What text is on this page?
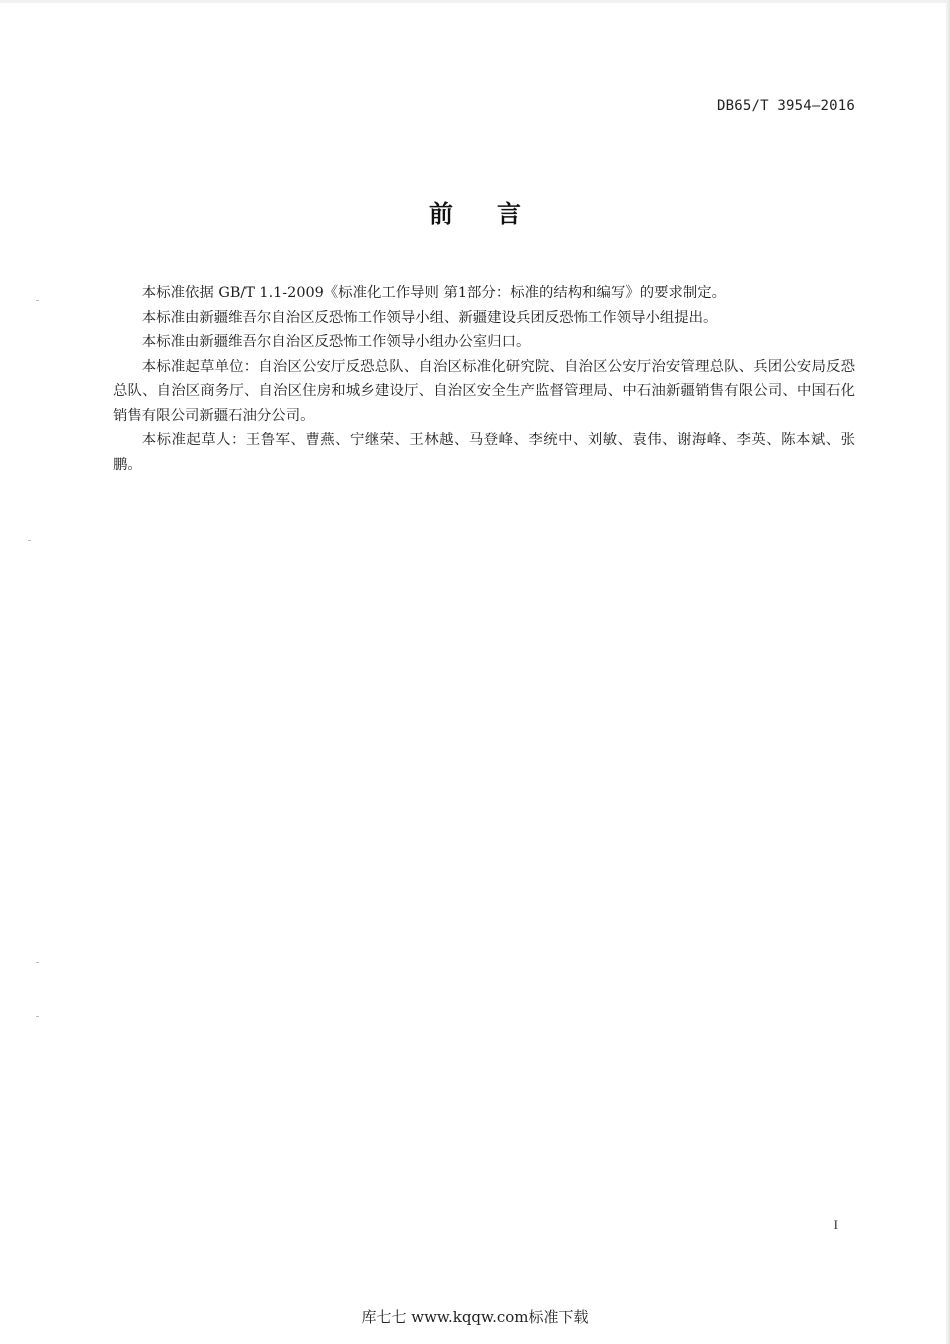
DB65/T 3954—2016
前言

本标准依据 GB/T 1.1-2009《标准化工作导则 第1部分：标准的结构和编写》的要求制定。

本标准由新疆维吾尔自治区反恐怖工作领导小组、新疆建设兵团反恐怖工作领导小组提出。

本标准由新疆维吾尔自治区反恐怖工作领导小组办公室归口。

本标准起草单位：自治区公安厅反恐总队、自治区标准化研究院、自治区公安厅治安管理总队、兵团公安局反恐总队、自治区商务厅、自治区住房和城乡建设厅、自治区安全生产监督管理局、中石油新疆销售有限公司、中国石化销售有限公司新疆石油分公司。

本标准起草人：王鲁军、曹燕、宁继荣、王林越、马登峰、李统中、刘敏、袁伟、谢海峰、李英、陈本斌、张鹏。

I
库七七 www.kqqw.com标准下载
